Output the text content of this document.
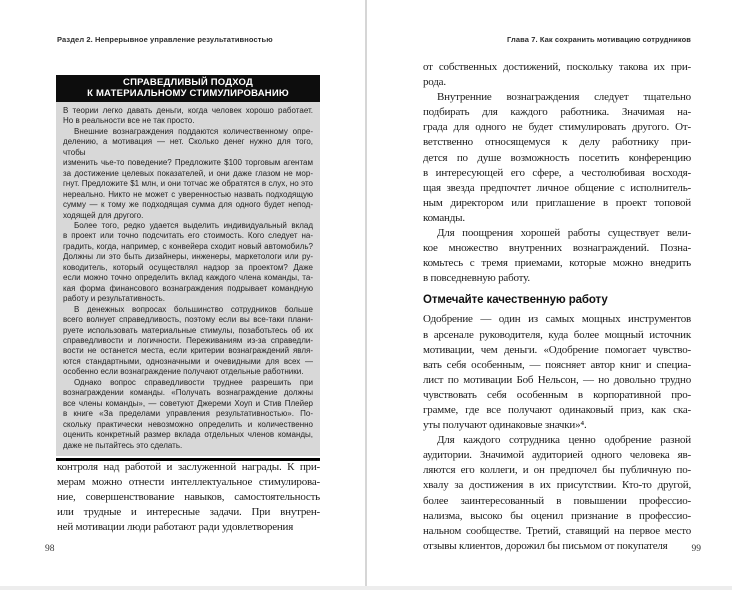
Раздел 2. Непрерывное управление результативностью
СПРАВЕДЛИВЫЙ ПОДХОД
К МАТЕРИАЛЬНОМУ СТИМУЛИРОВАНИЮ
В теории легко давать деньги, когда человек хорошо работает.
Но в реальности все не так просто.
Внешние вознаграждения поддаются количественному опре-
делению, а мотивация — нет. Сколько денег нужно для того, чтобы
изменить чье-то поведение? Предложите $100 торговым агентам
за достижение целевых показателей, и они даже глазом не мор-
гнут. Предложите $1 млн, и они тотчас же обратятся в слух, но это
нереально. Никто не может с уверенностью назвать подходящую
сумму — к тому же подходящая сумма для одного будет непод-
ходящей для другого.
Более того, редко удается выделить индивидуальный вклад
в проект или точно подсчитать его стоимость. Кого следует на-
градить, когда, например, с конвейера сходит новый автомобиль?
Должны ли это быть дизайнеры, инженеры, маркетологи или ру-
ководитель, который осуществлял надзор за проектом? Даже
если можно точно определить вклад каждого члена команды, та-
кая форма финансового вознаграждения подрывает командную
работу и результативность.
В денежных вопросах большинство сотрудников больше
всего волнует справедливость, поэтому если вы все-таки плани-
руете использовать материальные стимулы, позаботьтесь об их
справедливости и логичности. Переживаниям из-за справедли-
вости не останется места, если критерии вознаграждений явля-
ются стандартными, однозначными и очевидными для всех —
особенно если вознаграждение получают отдельные работники.
Однако вопрос справедливости труднее разрешить при
вознаграждении команды. «Получать вознаграждение должны
все члены команды», — советуют Джереми Хоуп и Стив Плейер
в книге «За пределами управления результативностью». По-
скольку практически невозможно определить и количественно
оценить конкретный размер вклада отдельных членов команды,
даже не пытайтесь это сделать.
контроля над работой и заслуженной награды. К при-
мерам можно отнести интеллектуальное стимулирова-
ние, совершенствование навыков, самостоятельность
или трудные и интересные задачи. При внутрен-
ней мотивации люди работают ради удовлетворения
98
Глава 7. Как сохранить мотивацию сотрудников
от собственных достижений, поскольку такова их при-
рода.
Внутренние вознаграждения следует тщательно
подбирать для каждого работника. Значимая на-
града для одного не будет стимулировать другого. От-
ветственно относящемуся к делу работнику при-
дется по душе возможность посетить конференцию
в интересующей его сфере, а честолюбивая восходя-
щая звезда предпочтет личное общение с исполнитель-
ным директором или приглашение в проект топовой
команды.
Для поощрения хорошей работы существует вели-
кое множество внутренних вознаграждений. Позна-
комьтесь с тремя приемами, которые можно внедрить
в повседневную работу.
Отмечайте качественную работу
Одобрение — один из самых мощных инструментов
в арсенале руководителя, куда более мощный источник
мотивации, чем деньги. «Одобрение помогает чувство-
вать себя особенным, — поясняет автор книг и специа-
лист по мотивации Боб Нельсон, — но довольно трудно
чувствовать себя особенным в корпоративной про-
грамме, где все получают одинаковый приз, как ска-
уты получают одинаковые значки»⁴.
Для каждого сотрудника ценно одобрение разной
аудитории. Значимой аудиторией одного человека яв-
ляются его коллеги, и он предпочел бы публичную по-
хвалу за достижения в их присутствии. Кто-то другой,
более заинтересованный в повышении профессио-
нализма, высоко бы оценил признание в профессио-
нальном сообществе. Третий, ставящий на первое место
отзывы клиентов, дорожил бы письмом от покупателя	99
